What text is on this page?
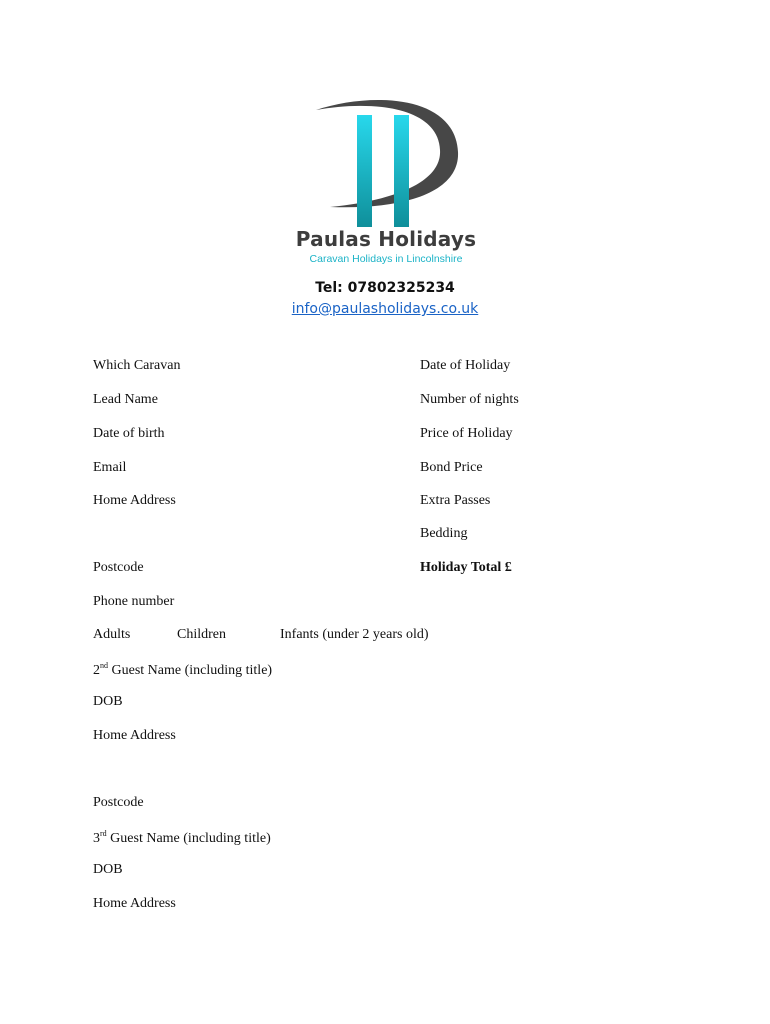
Paulas Holidays
Caravan Holidays in Lincolnshire
Tel: 07802325234
info@paulasholidays.co.uk
Which Caravan
Lead Name
Date of birth
Email
Home Address
Postcode
Phone number
Adults	Children	Infants (under 2 years old)
Date of Holiday
Number of nights
Price of Holiday
Bond Price
Extra Passes
Bedding
Holiday Total £
2nd Guest Name (including title)
DOB
Home Address
Postcode
3rd Guest Name (including title)
DOB
Home Address
